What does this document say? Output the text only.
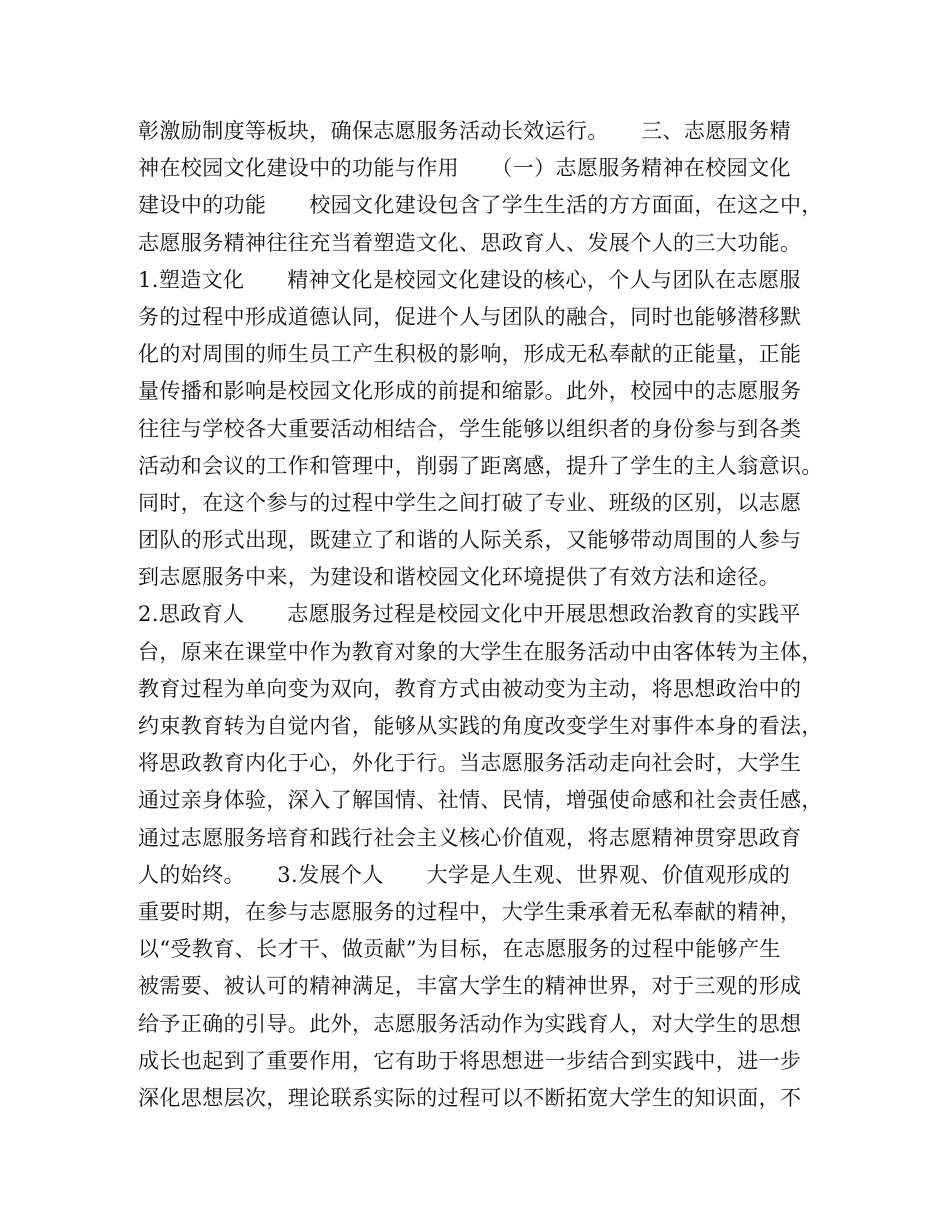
彰激励制度等板块，确保志愿服务活动长效运行。　　三、志愿服务精
神在校园文化建设中的功能与作用　　（一）志愿服务精神在校园文化
建设中的功能　　校园文化建设包含了学生生活的方方面面，在这之中，
志愿服务精神往往充当着塑造文化、思政育人、发展个人的三大功能。
1.塑造文化　　精神文化是校园文化建设的核心，个人与团队在志愿服
务的过程中形成道德认同，促进个人与团队的融合，同时也能够潜移默
化的对周围的师生员工产生积极的影响，形成无私奉献的正能量，正能
量传播和影响是校园文化形成的前提和缩影。此外，校园中的志愿服务
往往与学校各大重要活动相结合，学生能够以组织者的身份参与到各类
活动和会议的工作和管理中，削弱了距离感，提升了学生的主人翁意识。
同时，在这个参与的过程中学生之间打破了专业、班级的区别，以志愿
团队的形式出现，既建立了和谐的人际关系，又能够带动周围的人参与
到志愿服务中来，为建设和谐校园文化环境提供了有效方法和途径。
2.思政育人　　志愿服务过程是校园文化中开展思想政治教育的实践平
台，原来在课堂中作为教育对象的大学生在服务活动中由客体转为主体，
教育过程为单向变为双向，教育方式由被动变为主动，将思想政治中的
约束教育转为自觉内省，能够从实践的角度改变学生对事件本身的看法，
将思政教育内化于心，外化于行。当志愿服务活动走向社会时，大学生
通过亲身体验，深入了解国情、社情、民情，增强使命感和社会责任感，
通过志愿服务培育和践行社会主义核心价值观，将志愿精神贯穿思政育
人的始终。　　3.发展个人　　大学是人生观、世界观、价值观形成的
重要时期，在参与志愿服务的过程中，大学生秉承着无私奉献的精神，
以“受教育、长才干、做贡献”为目标，在志愿服务的过程中能够产生
被需要、被认可的精神满足，丰富大学生的精神世界，对于三观的形成
给予正确的引导。此外，志愿服务活动作为实践育人，对大学生的思想
成长也起到了重要作用，它有助于将思想进一步结合到实践中，进一步
深化思想层次，理论联系实际的过程可以不断拓宽大学生的知识面，不
